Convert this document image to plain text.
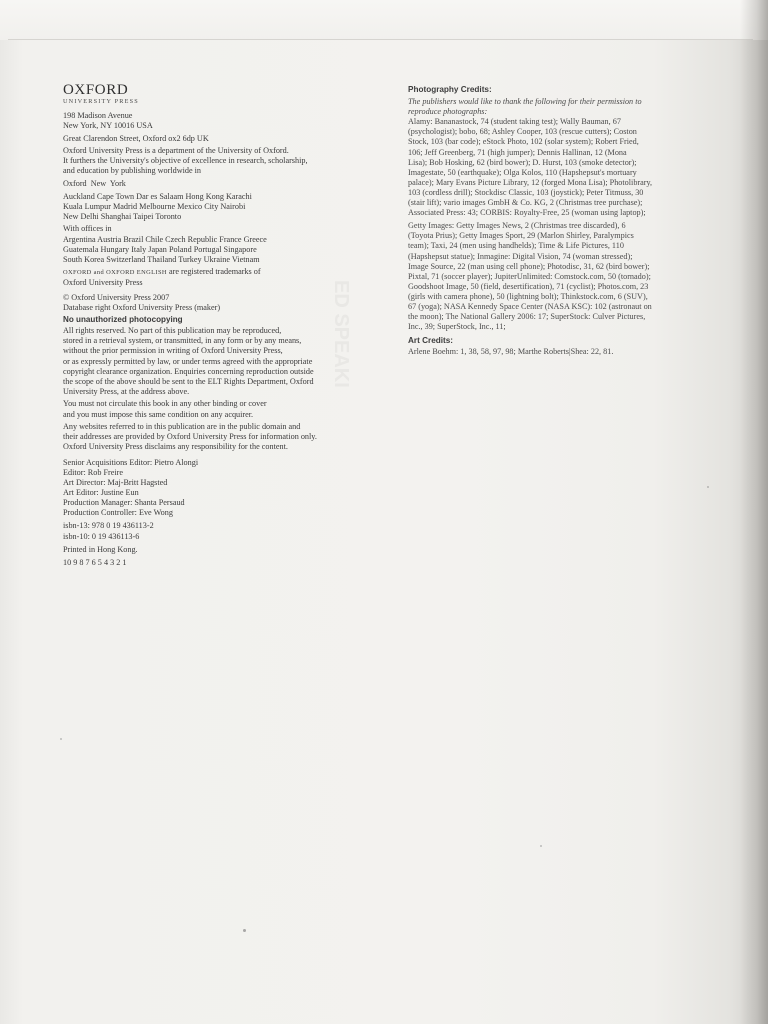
ED SPEAKI
OXFORD
UNIVERSITY PRESS
198 Madison Avenue
New York, NY 10016 USA
Great Clarendon Street, Oxford ox2 6dp UK
Oxford University Press is a department of the University of Oxford.
It furthers the University's objective of excellence in research, scholarship,
and education by publishing worldwide in
Oxford New York
Auckland Cape Town Dar es Salaam Hong Kong Karachi
Kuala Lumpur Madrid Melbourne Mexico City Nairobi
New Delhi Shanghai Taipei Toronto
With offices in
Argentina Austria Brazil Chile Czech Republic France Greece
Guatemala Hungary Italy Japan Poland Portugal Singapore
South Korea Switzerland Thailand Turkey Ukraine Vietnam
OXFORD and OXFORD ENGLISH are registered trademarks of
Oxford University Press
© Oxford University Press 2007
Database right Oxford University Press (maker)
No unauthorized photocopying
All rights reserved. No part of this publication may be reproduced,
stored in a retrieval system, or transmitted, in any form or by any means,
without the prior permission in writing of Oxford University Press,
or as expressly permitted by law, or under terms agreed with the appropriate
copyright clearance organization. Enquiries concerning reproduction outside
the scope of the above should be sent to the ELT Rights Department, Oxford
University Press, at the address above.
You must not circulate this book in any other binding or cover
and you must impose this same condition on any acquirer.
Any websites referred to in this publication are in the public domain and
their addresses are provided by Oxford University Press for information only.
Oxford University Press disclaims any responsibility for the content.
Senior Acquisitions Editor: Pietro Alongi
Editor: Rob Freire
Art Director: Maj-Britt Hagsted
Art Editor: Justine Eun
Production Manager: Shanta Persaud
Production Controller: Eve Wong
isbn-13: 978 0 19 436113-2
isbn-10: 0 19 436113-6
Printed in Hong Kong.
10 9 8 7 6 5 4 3 2 1
Photography Credits:
The publishers would like to thank the following for their permission to
reproduce photographs:
Alamy: Bananastock, 74 (student taking test); Wally Bauman, 67
(psychologist); bobo, 68; Ashley Cooper, 103 (rescue cutters); Coston
Stock, 103 (bar code); eStock Photo, 102 (solar system); Robert Fried,
106; Jeff Greenberg, 71 (high jumper); Dennis Hallinan, 12 (Mona
Lisa); Bob Hosking, 62 (bird bower); D. Hurst, 103 (smoke detector);
Imagestate, 50 (earthquake); Olga Kolos, 110 (Hapshepsut's mortuary
palace); Mary Evans Picture Library, 12 (forged Mona Lisa); Photolibrary,
103 (cordless drill); Stockdisc Classic, 103 (joystick); Peter Titmuss, 30
(stair lift); vario images GmbH & Co. KG, 2 (Christmas tree purchase);
Associated Press: 43; CORBIS: Royalty-Free, 25 (woman using laptop);
Getty Images: Getty Images News, 2 (Christmas tree discarded), 6
(Toyota Prius); Getty Images Sport, 29 (Marlon Shirley, Paralympics
team); Taxi, 24 (men using handhelds); Time & Life Pictures, 110
(Hapshepsut statue); Inmagine: Digital Vision, 74 (woman stressed);
Image Source, 22 (man using cell phone); Photodisc, 31, 62 (bird bower);
Pixtal, 71 (soccer player); JupiterUnlimited: Comstock.com, 50 (tornado);
Goodshoot Image, 50 (field, desertification), 71 (cyclist); Photos.com, 23
(girls with camera phone), 50 (lightning bolt); Thinkstock.com, 6 (SUV),
67 (yoga); NASA Kennedy Space Center (NASA KSC): 102 (astronaut on
the moon); The National Gallery 2006: 17; SuperStock: Culver Pictures,
Inc., 39; SuperStock, Inc., 11;
Art Credits:
Arlene Boehm: 1, 38, 58, 97, 98; Marthe Roberts|Shea: 22, 81.
